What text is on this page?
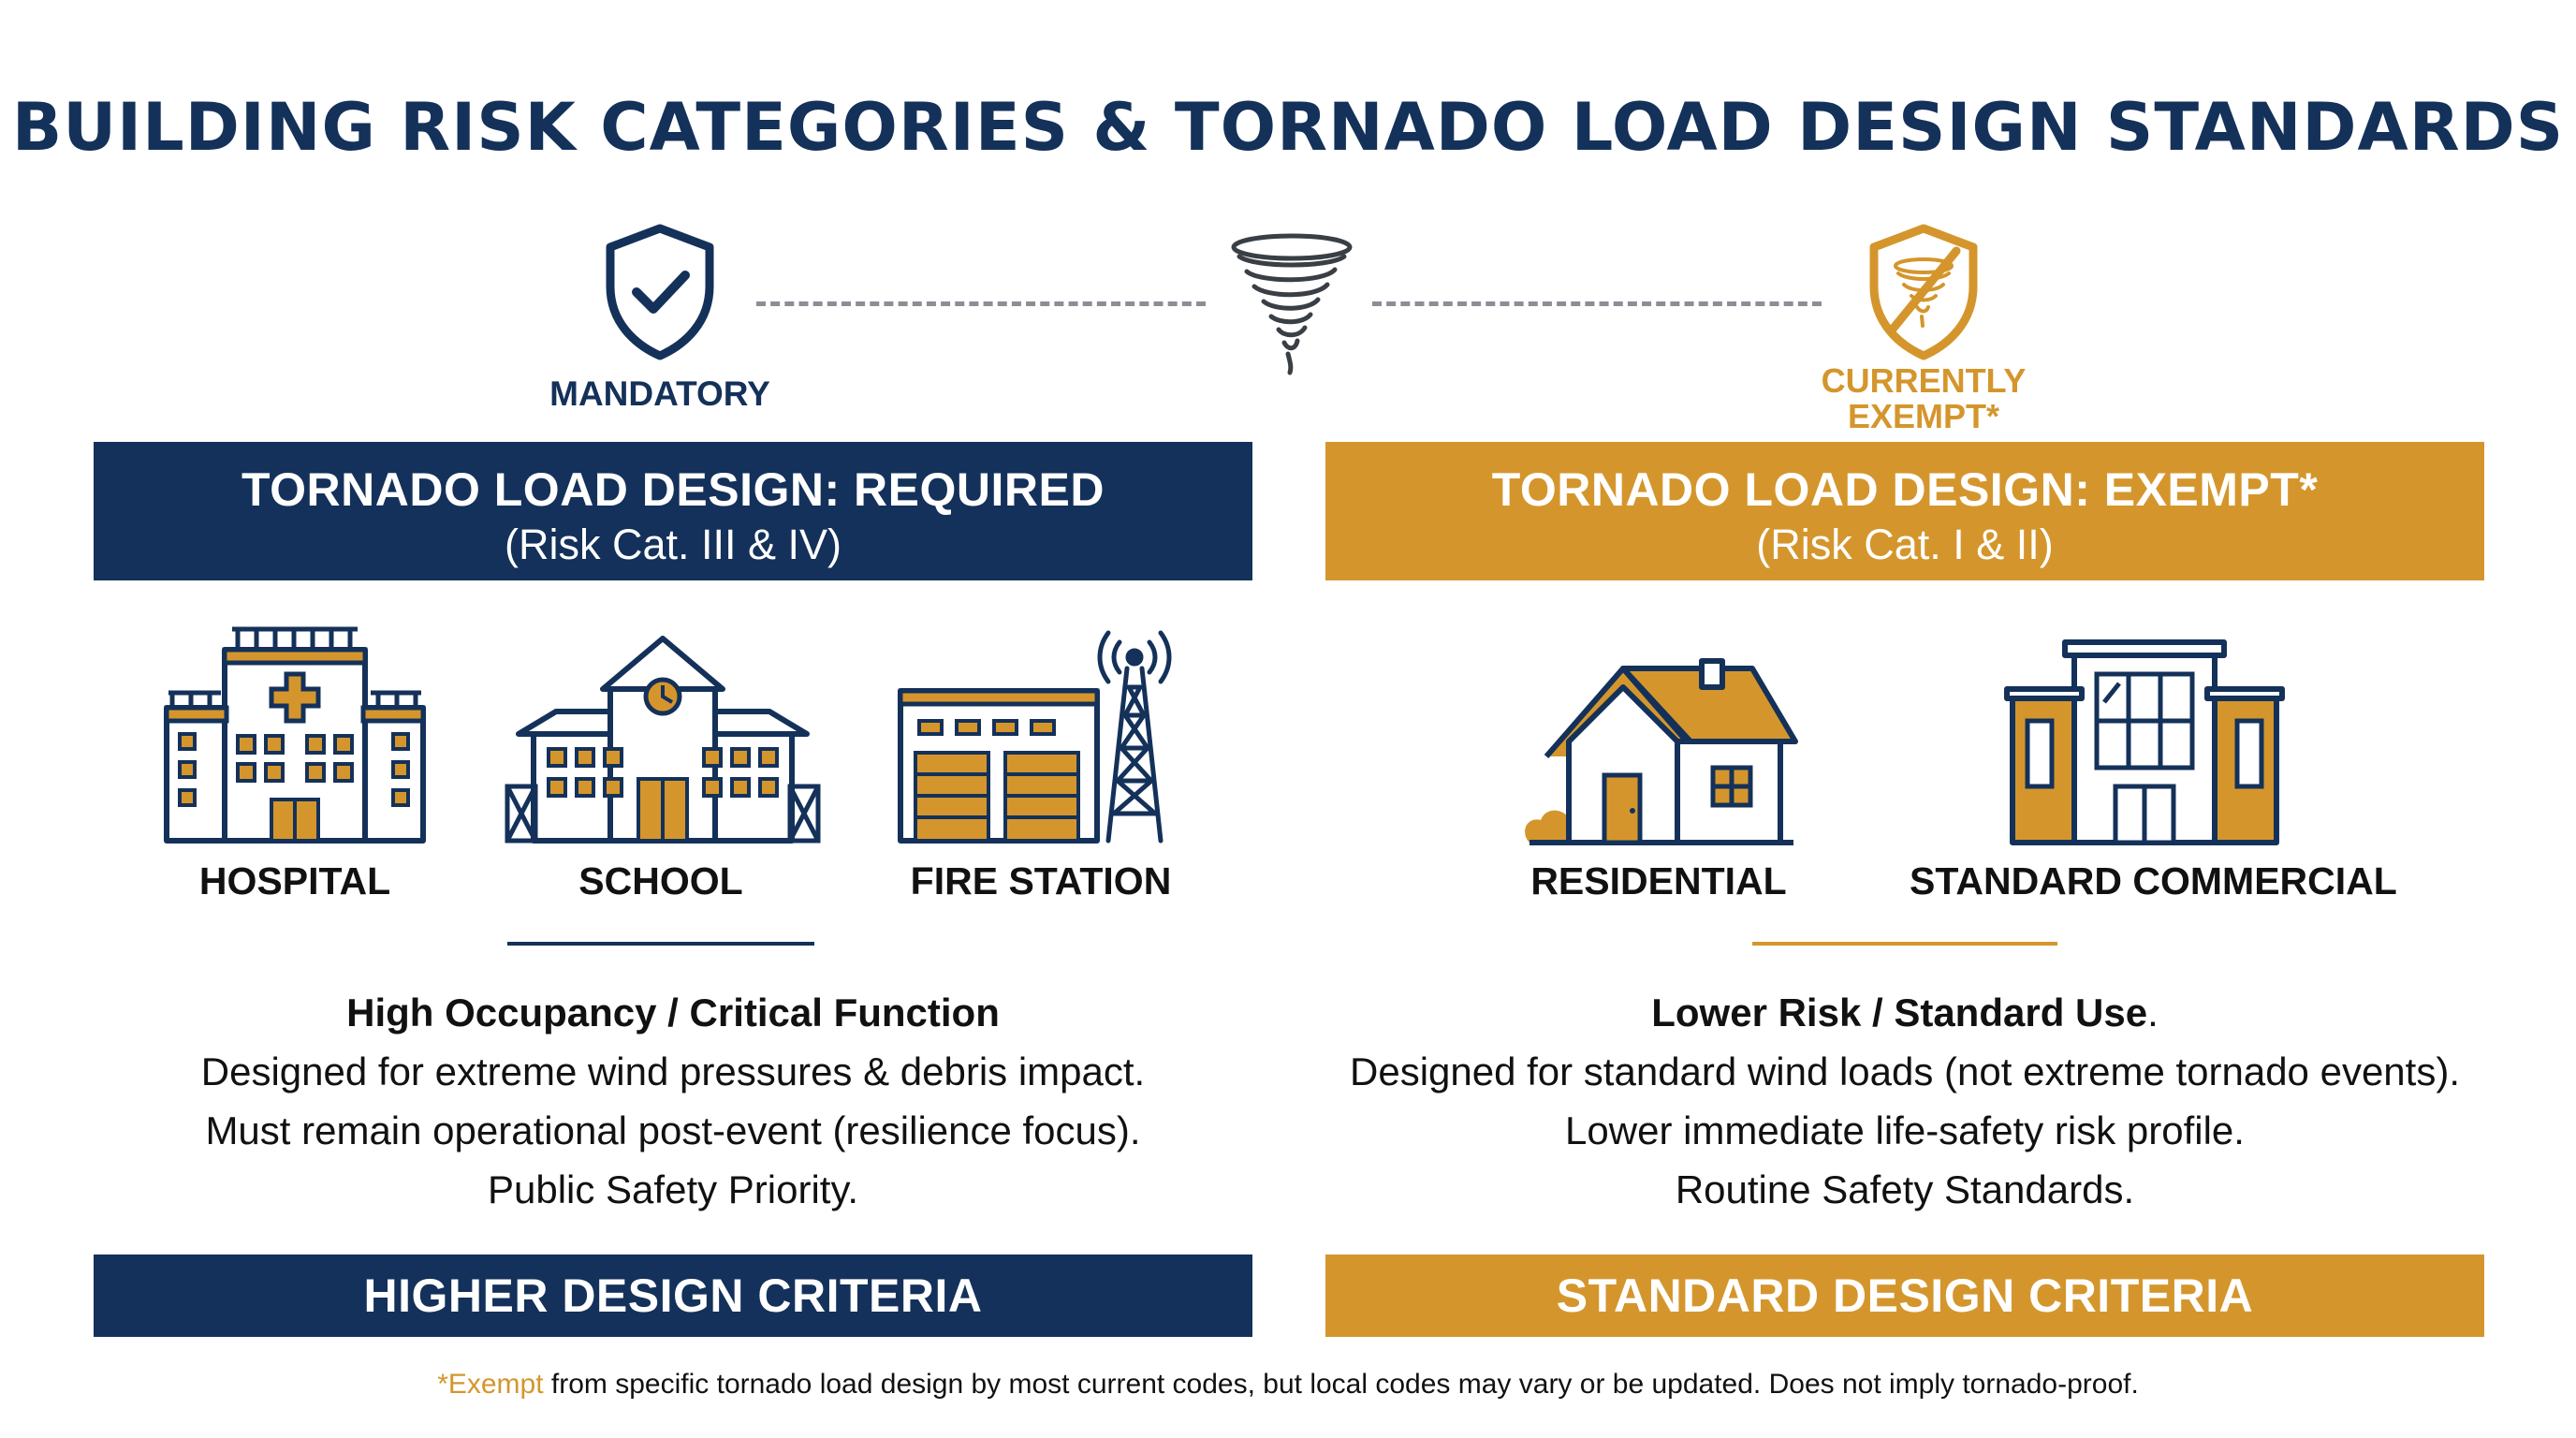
BUILDING RISK CATEGORIES & TORNADO LOAD DESIGN STANDARDS
MANDATORY	CURRENTLY
EXEMPT*
TORNADO LOAD DESIGN: REQUIRED
(Risk Cat. III & IV)
TORNADO LOAD DESIGN: EXEMPT*
(Risk Cat. I & II)
HOSPITAL	SCHOOL	FIRE STATION
High Occupancy / Critical Function
Designed for extreme wind pressures & debris impact.
Must remain operational post-event (resilience focus).
Public Safety Priority.
RESIDENTIAL	STANDARD COMMERCIAL
Lower Risk / Standard Use.
Designed for standard wind loads (not extreme tornado events).
Lower immediate life-safety risk profile.
Routine Safety Standards.
HIGHER DESIGN CRITERIA	STANDARD DESIGN CRITERIA
*Exempt from specific tornado load design by most current codes, but local codes may vary or be updated. Does not imply tornado-proof.
